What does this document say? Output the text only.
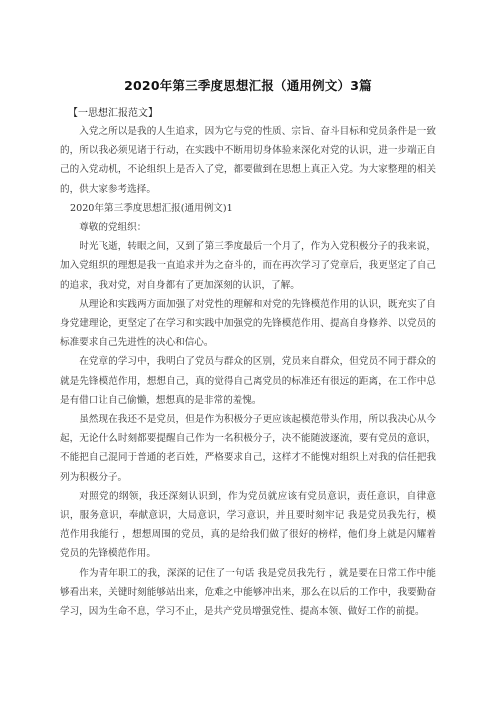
2020年第三季度思想汇报（通用例文）3篇
【一思想汇报范文】

入党之所以是我的人生追求，因为它与党的性质、宗旨、奋斗目标和党员条件是一致的，所以我必须见诸于行动，在实践中不断用切身体验来深化对党的认识，进一步端正自己的入党动机，不论组织上是否入了党，都要做到在思想上真正入党。为大家整理的相关的，供大家参考选择。

2020年第三季度思想汇报(通用例文)1
尊敬的党组织：

时光飞逝，转眼之间，又到了第三季度最后一个月了，作为入党积极分子的我来说，加入党组织的理想是我一直追求并为之奋斗的，而在再次学习了党章后，我更坚定了自己的追求，我对党，对自身都有了更加深刻的认识，了解。

从理论和实践两方面加强了对党性的理解和对党的先锋模范作用的认识，既充实了自身党建理论，更坚定了在学习和实践中加强党的先锋模范作用、提高自身修养、以党员的标准要求自己先进性的决心和信心。

在党章的学习中，我明白了党员与群众的区别，党员来自群众，但党员不同于群众的就是先锋模范作用，想想自己，真的觉得自己离党员的标准还有很远的距离，在工作中总是有借口让自己偷懒，想想真的是非常的羞愧。

虽然现在我还不是党员，但是作为积极分子更应该起模范带头作用，所以我决心从今起，无论什么时刻都要提醒自己作为一名积极分子，决不能随波逐流，要有党员的意识，不能把自己混同于普通的老百姓，严格要求自己，这样才不能愧对组织上对我的信任把我列为积极分子。

对照党的纲领，我还深刻认识到，作为党员就应该有党员意识，责任意识，自律意识，服务意识，奉献意识，大局意识，学习意识，并且要时刻牢记 我是党员我先行，模范作用我能行 ，想想周围的党员，真的是给我们做了很好的榜样，他们身上就是闪耀着党员的先锋模范作用。

作为青年职工的我，深深的记住了一句话 我是党员我先行 ，就是要在日常工作中能够看出来，关键时刻能够站出来，危难之中能够冲出来，那么在以后的工作中，我要勤奋学习，因为生命不息，学习不止，是共产党员增强党性、提高本领、做好工作的前提。
